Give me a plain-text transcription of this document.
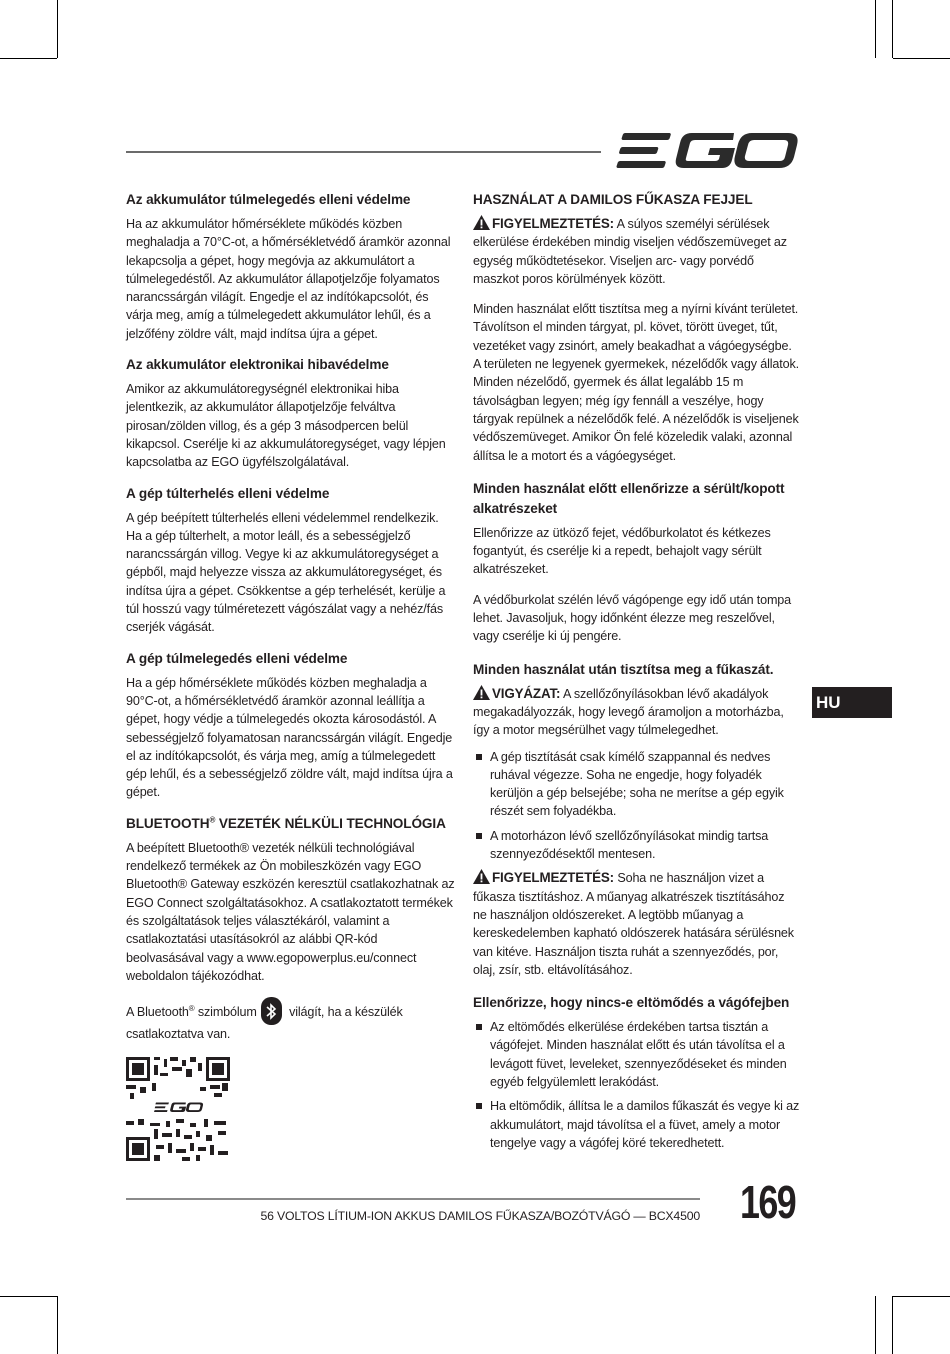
Az akkumulátor túlmelegedés elleni védelme

Ha az akkumulátor hőmérséklete működés közben meghaladja a 70°C-ot, a hőmérsékletvédő áramkör azonnal lekapcsolja a gépet, hogy megóvja az akkumulátort a túlmelegedéstől. Az akkumulátor állapotjelzője folyamatos narancssárgán világít. Engedje el az indítókapcsolót, és várja meg, amíg a túlmelegedett akkumulátor lehűl, és a jelzőfény zöldre vált, majd indítsa újra a gépet.

Az akkumulátor elektronikai hibavédelme

Amikor az akkumulátoregységnél elektronikai hiba jelentkezik, az akkumulátor állapotjelzője felváltva pirosan/zölden villog, és a gép 3 másodpercen belül kikapcsol. Cserélje ki az akkumulátoregységet, vagy lépjen kapcsolatba az EGO ügyfélszolgálatával.

A gép túlterhelés elleni védelme

A gép beépített túlterhelés elleni védelemmel rendelkezik. Ha a gép túlterhelt, a motor leáll, és a sebességjelző narancssárgán villog. Vegye ki az akkumulátoregységet a gépből, majd helyezze vissza az akkumulátoregységet, és indítsa újra a gépet. Csökkentse a gép terhelését, kerülje a túl hosszú vagy túlméretezett vágószálat vagy a nehéz/fás cserjék vágását.

A gép túlmelegedés elleni védelme

Ha a gép hőmérséklete működés közben meghaladja a 90°C-ot, a hőmérsékletvédő áramkör azonnal leállítja a gépet, hogy védje a túlmelegedés okozta károsodástól. A sebességjelző folyamatosan narancssárgán világít. Engedje el az indítókapcsolót, és várja meg, amíg a túlmelegedett gép lehűl, és a sebességjelző zöldre vált, majd indítsa újra a gépet.

BLUETOOTH® VEZETÉK NÉLKÜLI TECHNOLÓGIA

A beépített Bluetooth® vezeték nélküli technológiával rendelkező termékek az Ön mobileszközén vagy EGO Bluetooth® Gateway eszközén keresztül csatlakozhatnak az EGO Connect szolgáltatásokhoz. A csatlakoztatott termékek és szolgáltatások teljes választékáról, valamint a csatlakoztatási utasításokról az alábbi QR-kód beolvasásával vagy a www.egopowerplus.eu/connect weboldalon tájékozódhat.

A Bluetooth® szimbólum
világít, ha a készülék csatlakoztatva van.

HASZNÁLAT A DAMILOS FŰKASZA FEJJEL

FIGYELMEZTETÉS: A súlyos személyi sérülések elkerülése érdekében mindig viseljen védőszemüveget az egység működtetésekor. Viseljen arc- vagy porvédő maszkot poros körülmények között.

Minden használat előtt tisztítsa meg a nyírni kívánt területet. Távolítson el minden tárgyat, pl. követ, törött üveget, tűt, vezetéket vagy zsinórt, amely beakadhat a vágóegységbe. A területen ne legyenek gyermekek, nézelődők vagy állatok. Minden nézelődő, gyermek és állat legalább 15 m távolságban legyen; még így fennáll a veszélye, hogy tárgyak repülnek a nézelődők felé. A nézelődők is viseljenek védőszemüveget. Amikor Ön felé közeledik valaki, azonnal állítsa le a motort és a vágóegységet.

Minden használat előtt ellenőrizze a sérült/kopott alkatrészeket

Ellenőrizze az ütköző fejet, védőburkolatot és kétkezes fogantyút, és cserélje ki a repedt, behajolt vagy sérült alkatrészeket.

A védőburkolat szélén lévő vágópenge egy idő után tompa lehet. Javasoljuk, hogy időnként élezze meg reszelővel, vagy cserélje ki új pengére.

Minden használat után tisztítsa meg a fűkaszát.

VIGYÁZAT: A szellőzőnyílásokban lévő akadályok megakadályozzák, hogy levegő áramoljon a motorházba, így a motor megsérülhet vagy túlmelegedhet.

A gép tisztítását csak kímélő szappannal és nedves ruhával végezze. Soha ne engedje, hogy folyadék kerüljön a gép belsejébe; soha ne merítse a gép egyik részét sem folyadékba.
A motorházon lévő szellőzőnyílásokat mindig tartsa szennyeződésektől mentesen.

FIGYELMEZTETÉS: Soha ne használjon vizet a fűkasza tisztításhoz. A műanyag alkatrészek tisztításához ne használjon oldószereket. A legtöbb műanyag a kereskedelemben kapható oldószerek hatására sérülésnek van kitéve. Használjon tiszta ruhát a szennyeződés, por, olaj, zsír, stb. eltávolításához.

Ellenőrizze, hogy nincs-e eltömődés a vágófejben
Az eltömődés elkerülése érdekében tartsa tisztán a vágófejet. Minden használat előtt és után távolítsa el a levágott füvet, leveleket, szennyeződéseket és minden egyéb felgyülemlett lerakódást.
Ha eltömődik, állítsa le a damilos fűkaszát és vegye ki az akkumulátort, majd távolítsa el a füvet, amely a motor tengelye vagy a vágófej köré tekeredhetett.
HU
56 VOLTOS LÍTIUM-ION AKKUS DAMILOS FŰKASZA/BOZÓTVÁGÓ — BCX4500 169
